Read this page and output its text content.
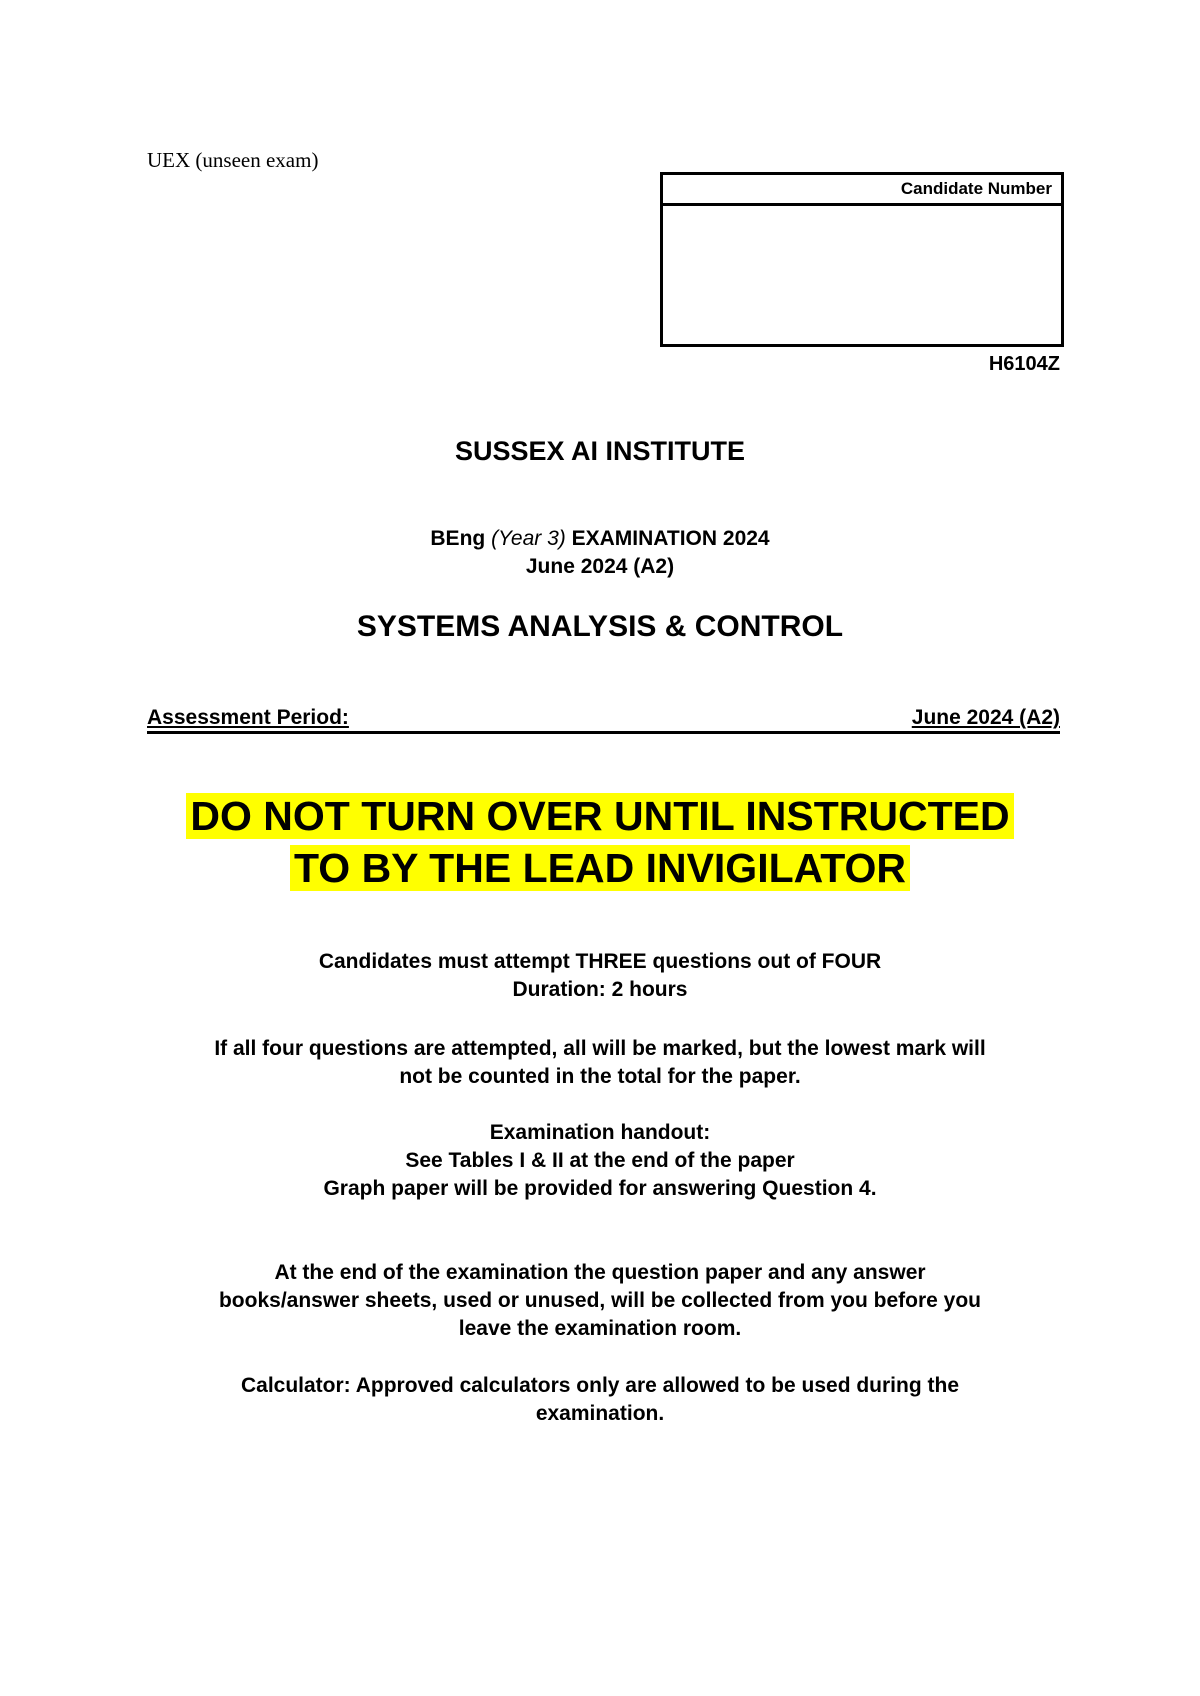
UEX (unseen exam)
Candidate Number
H6104Z
SUSSEX AI INSTITUTE
BEng (Year 3) EXAMINATION 2024
June 2024 (A2)
SYSTEMS ANALYSIS & CONTROL
Assessment Period:	June 2024 (A2)
DO NOT TURN OVER UNTIL INSTRUCTED
TO BY THE LEAD INVIGILATOR
Candidates must attempt THREE questions out of FOUR
Duration: 2 hours
If all four questions are attempted, all will be marked, but the lowest mark will
not be counted in the total for the paper.
Examination handout:
See Tables I & II at the end of the paper
Graph paper will be provided for answering Question 4.
At the end of the examination the question paper and any answer
books/answer sheets, used or unused, will be collected from you before you
leave the examination room.
Calculator: Approved calculators only are allowed to be used during the
examination.
